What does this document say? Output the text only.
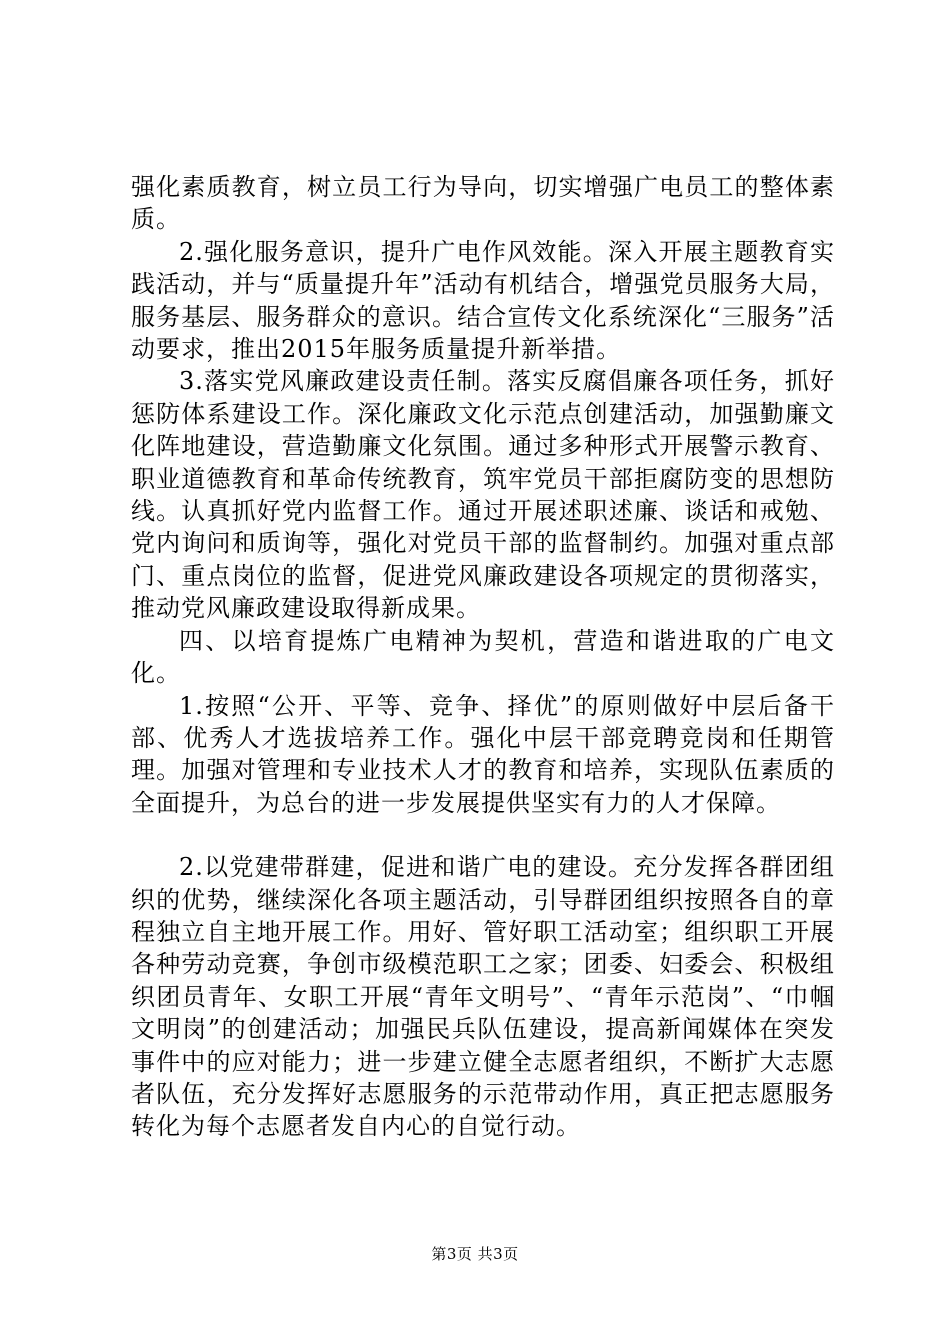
强化素质教育，树立员工行为导向，切实增强广电员工的整体素质。

2.强化服务意识，提升广电作风效能。深入开展主题教育实践活动，并与“质量提升年”活动有机结合，增强党员服务大局，服务基层、服务群众的意识。结合宣传文化系统深化“三服务”活动要求，推出2015年服务质量提升新举措。

3.落实党风廉政建设责任制。落实反腐倡廉各项任务，抓好惩防体系建设工作。深化廉政文化示范点创建活动，加强勤廉文化阵地建设，营造勤廉文化氛围。通过多种形式开展警示教育、职业道德教育和革命传统教育，筑牢党员干部拒腐防变的思想防线。认真抓好党内监督工作。通过开展述职述廉、谈话和戒勉、党内询问和质询等，强化对党员干部的监督制约。加强对重点部门、重点岗位的监督，促进党风廉政建设各项规定的贯彻落实，推动党风廉政建设取得新成果。

四、以培育提炼广电精神为契机，营造和谐进取的广电文化。

1.按照“公开、平等、竞争、择优”的原则做好中层后备干部、优秀人才选拔培养工作。强化中层干部竞聘竞岗和任期管理。加强对管理和专业技术人才的教育和培养，实现队伍素质的全面提升，为总台的进一步发展提供坚实有力的人才保障。

2.以党建带群建，促进和谐广电的建设。充分发挥各群团组织的优势，继续深化各项主题活动，引导群团组织按照各自的章程独立自主地开展工作。用好、管好职工活动室；组织职工开展各种劳动竞赛，争创市级模范职工之家；团委、妇委会、积极组织团员青年、女职工开展“青年文明号”、“青年示范岗”、“巾帼文明岗”的创建活动；加强民兵队伍建设，提高新闻媒体在突发事件中的应对能力；进一步建立健全志愿者组织，不断扩大志愿者队伍，充分发挥好志愿服务的示范带动作用，真正把志愿服务转化为每个志愿者发自内心的自觉行动。

第3页 共3页
